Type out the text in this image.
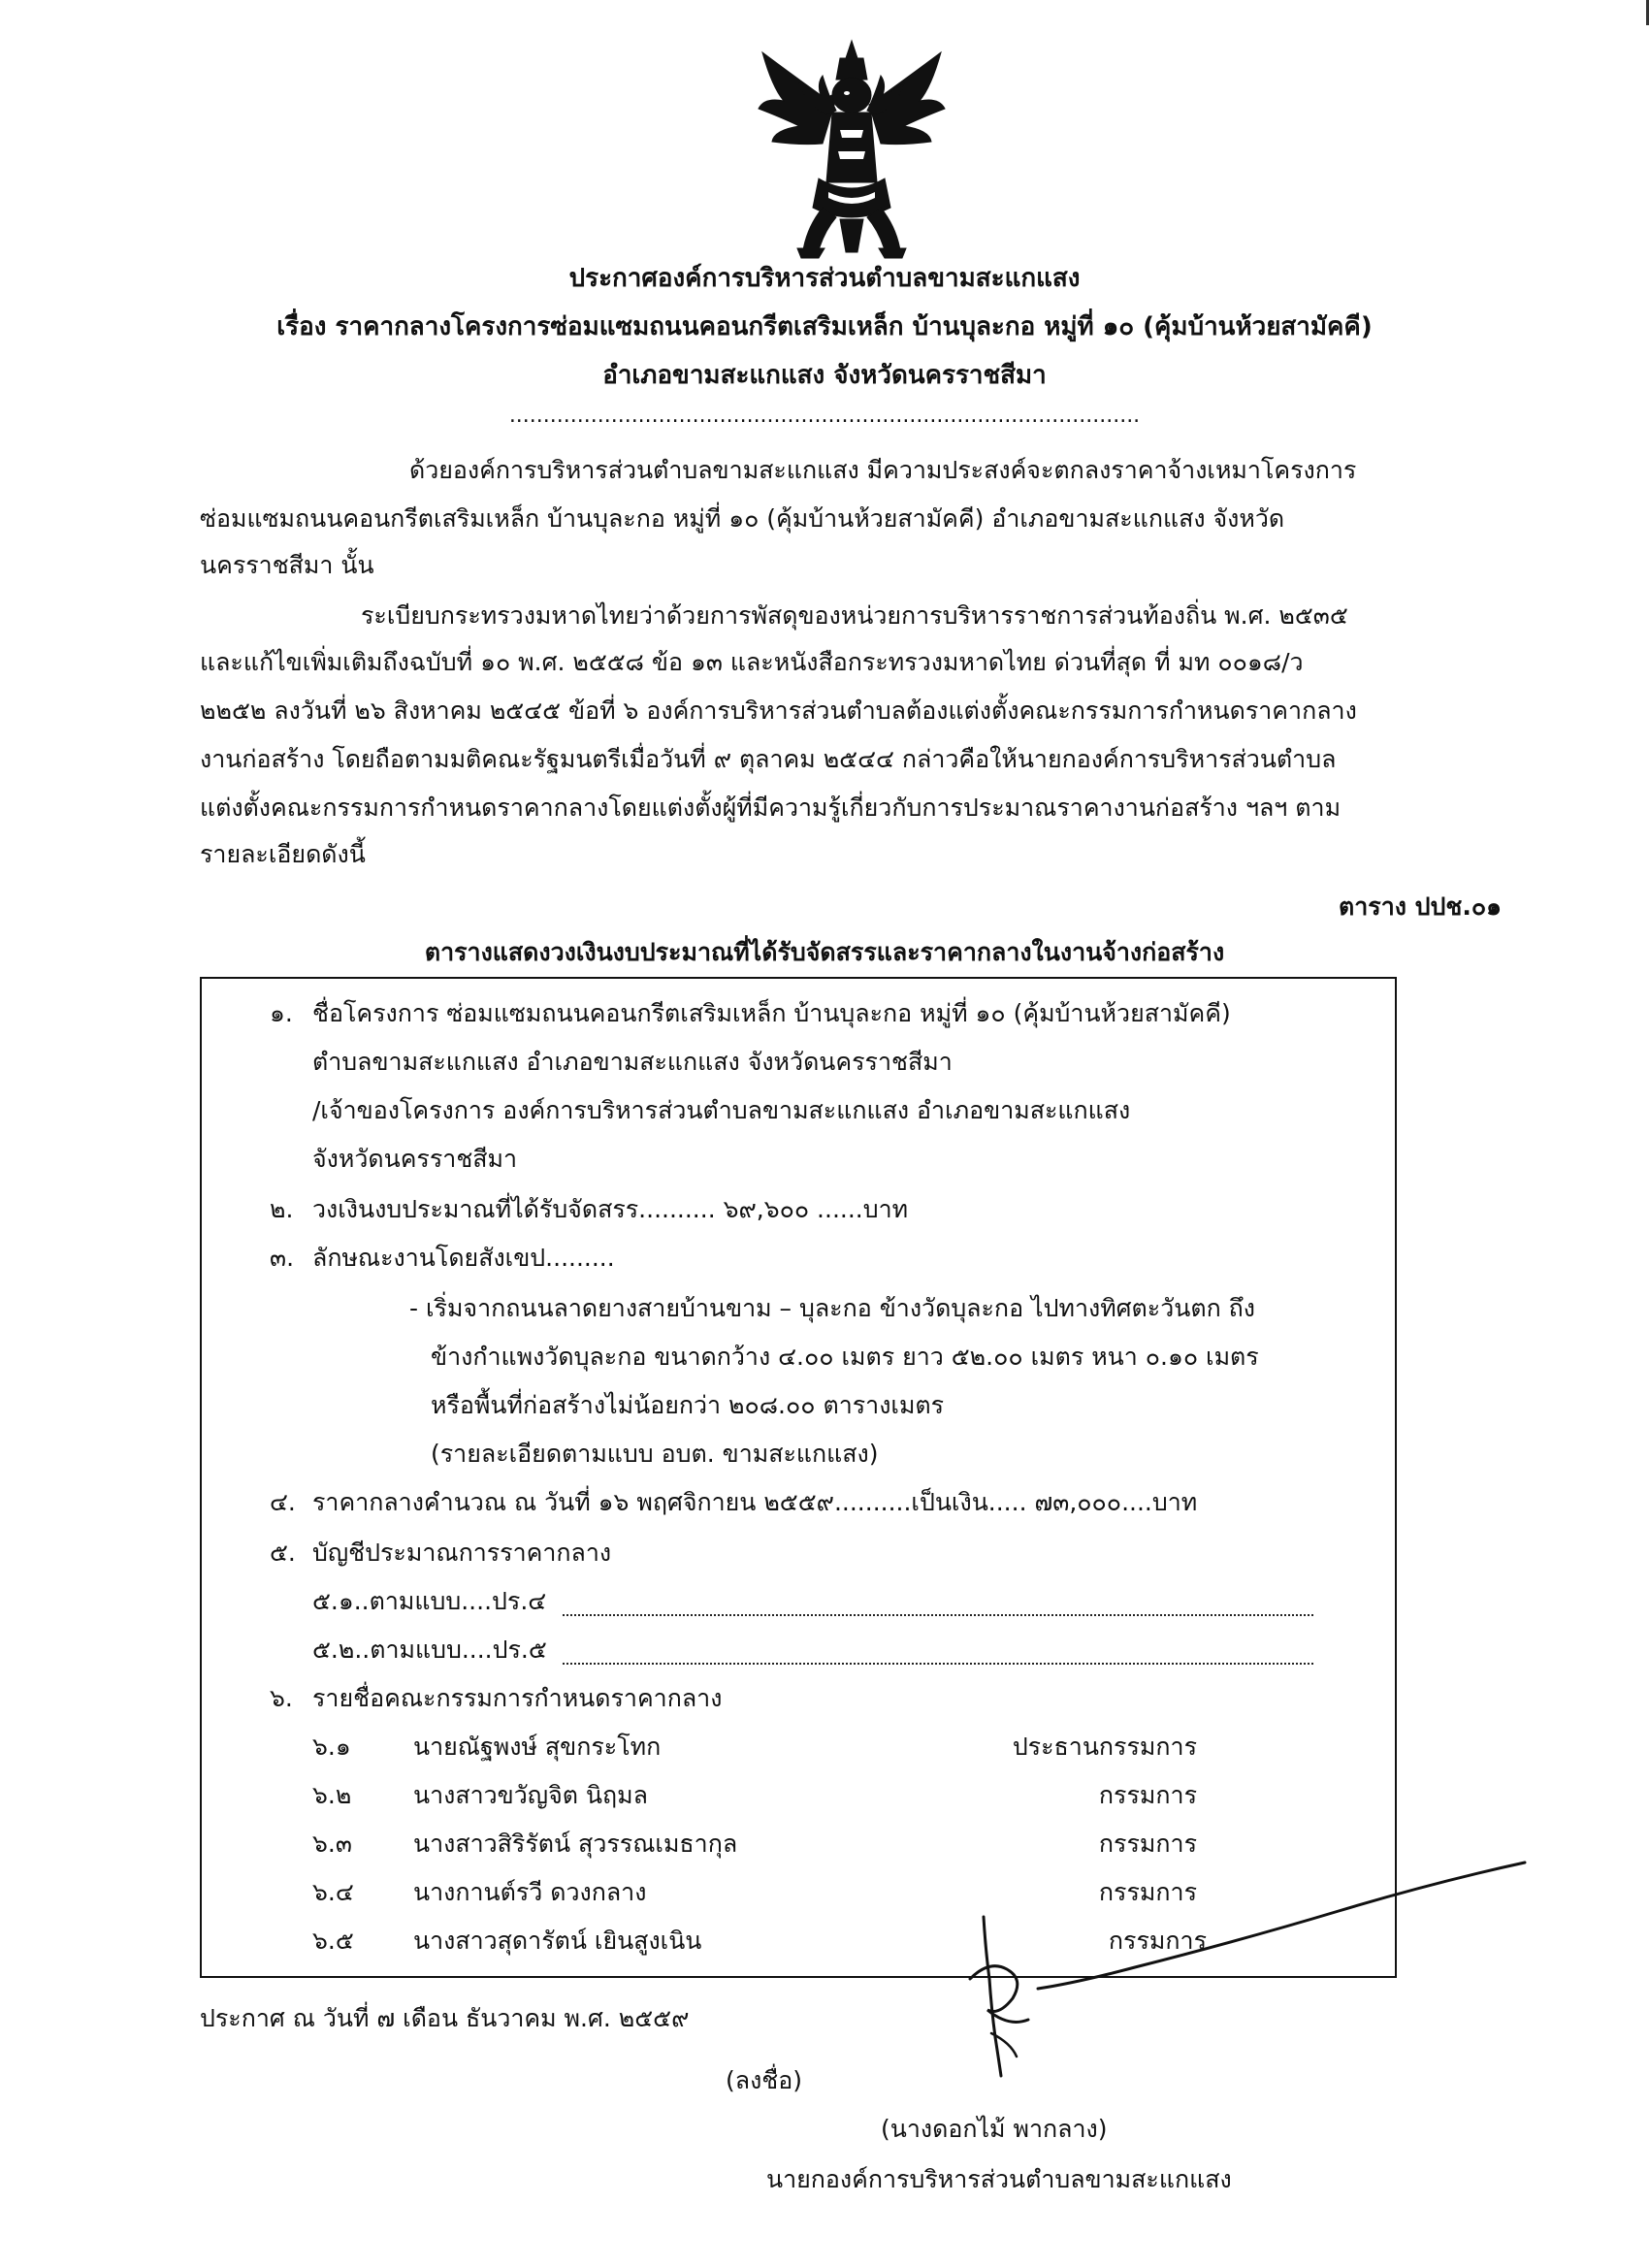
ประกาศองค์การบริหารส่วนตำบลขามสะแกแสง
เรื่อง ราคากลางโครงการซ่อมแซมถนนคอนกรีตเสริมเหล็ก บ้านบุละกอ หมู่ที่ ๑๐ (คุ้มบ้านห้วยสามัคคี)
อำเภอขามสะแกแสง จังหวัดนครราชสีมา
.............................................................................................
ด้วยองค์การบริหารส่วนตำบลขามสะแกแสง มีความประสงค์จะตกลงราคาจ้างเหมาโครงการ
ซ่อมแซมถนนคอนกรีตเสริมเหล็ก บ้านบุละกอ หมู่ที่ ๑๐ (คุ้มบ้านห้วยสามัคคี) อำเภอขามสะแกแสง จังหวัด
นครราชสีมา นั้น
ระเบียบกระทรวงมหาดไทยว่าด้วยการพัสดุของหน่วยการบริหารราชการส่วนท้องถิ่น พ.ศ. ๒๕๓๕
และแก้ไขเพิ่มเติมถึงฉบับที่ ๑๐ พ.ศ. ๒๕๕๘ ข้อ ๑๓ และหนังสือกระทรวงมหาดไทย ด่วนที่สุด ที่ มท ๐๐๑๘/ว
๒๒๕๒ ลงวันที่ ๒๖ สิงหาคม ๒๕๔๕ ข้อที่ ๖ องค์การบริหารส่วนตำบลต้องแต่งตั้งคณะกรรมการกำหนดราคากลาง
งานก่อสร้าง โดยถือตามมติคณะรัฐมนตรีเมื่อวันที่ ๙ ตุลาคม ๒๕๔๔ กล่าวคือให้นายกองค์การบริหารส่วนตำบล
แต่งตั้งคณะกรรมการกำหนดราคากลางโดยแต่งตั้งผู้ที่มีความรู้เกี่ยวกับการประมาณราคางานก่อสร้าง ฯลฯ ตาม
รายละเอียดดังนี้
ตาราง ปปช.๐๑
ตารางแสดงวงเงินงบประมาณที่ได้รับจัดสรรและราคากลางในงานจ้างก่อสร้าง
๑. ชื่อโครงการ ซ่อมแซมถนนคอนกรีตเสริมเหล็ก บ้านบุละกอ หมู่ที่ ๑๐ (คุ้มบ้านห้วยสามัคคี)
ตำบลขามสะแกแสง อำเภอขามสะแกแสง จังหวัดนครราชสีมา
/เจ้าของโครงการ องค์การบริหารส่วนตำบลขามสะแกแสง อำเภอขามสะแกแสง
จังหวัดนครราชสีมา
๒. วงเงินงบประมาณที่ได้รับจัดสรร.......... ๖๙,๖๐๐ ......บาท
๓. ลักษณะงานโดยสังเขป.........
- เริ่มจากถนนลาดยางสายบ้านขาม – บุละกอ ข้างวัดบุละกอ ไปทางทิศตะวันตก ถึง
ข้างกำแพงวัดบุละกอ ขนาดกว้าง ๔.๐๐ เมตร ยาว ๕๒.๐๐ เมตร หนา ๐.๑๐ เมตร
หรือพื้นที่ก่อสร้างไม่น้อยกว่า ๒๐๘.๐๐ ตารางเมตร
(รายละเอียดตามแบบ อบต. ขามสะแกแสง)
๔. ราคากลางคำนวณ ณ วันที่ ๑๖ พฤศจิกายน ๒๕๕๙..........เป็นเงิน..... ๗๓,๐๐๐....บาท
๕. บัญชีประมาณการราคากลาง
๕.๑..ตามแบบ....ปร.๔
๕.๒..ตามแบบ....ปร.๕
๖. รายชื่อคณะกรรมการกำหนดราคากลาง
๖.๑	นายณัฐพงษ์ สุขกระโทก	ประธานกรรมการ
๖.๒	นางสาวขวัญจิต นิฤมล	กรรมการ
๖.๓	นางสาวสิริรัตน์ สุวรรณเมธากุล	กรรมการ
๖.๔ นางกานต์รวี ดวงกลาง	กรรมการ
๖.๕ นางสาวสุดารัตน์ เยินสูงเนิน	กรรมการ
ประกาศ ณ วันที่ ๗ เดือน ธันวาคม พ.ศ. ๒๕๕๙
(ลงชื่อ)
(นางดอกไม้ พากลาง)
นายกองค์การบริหารส่วนตำบลขามสะแกแสง
